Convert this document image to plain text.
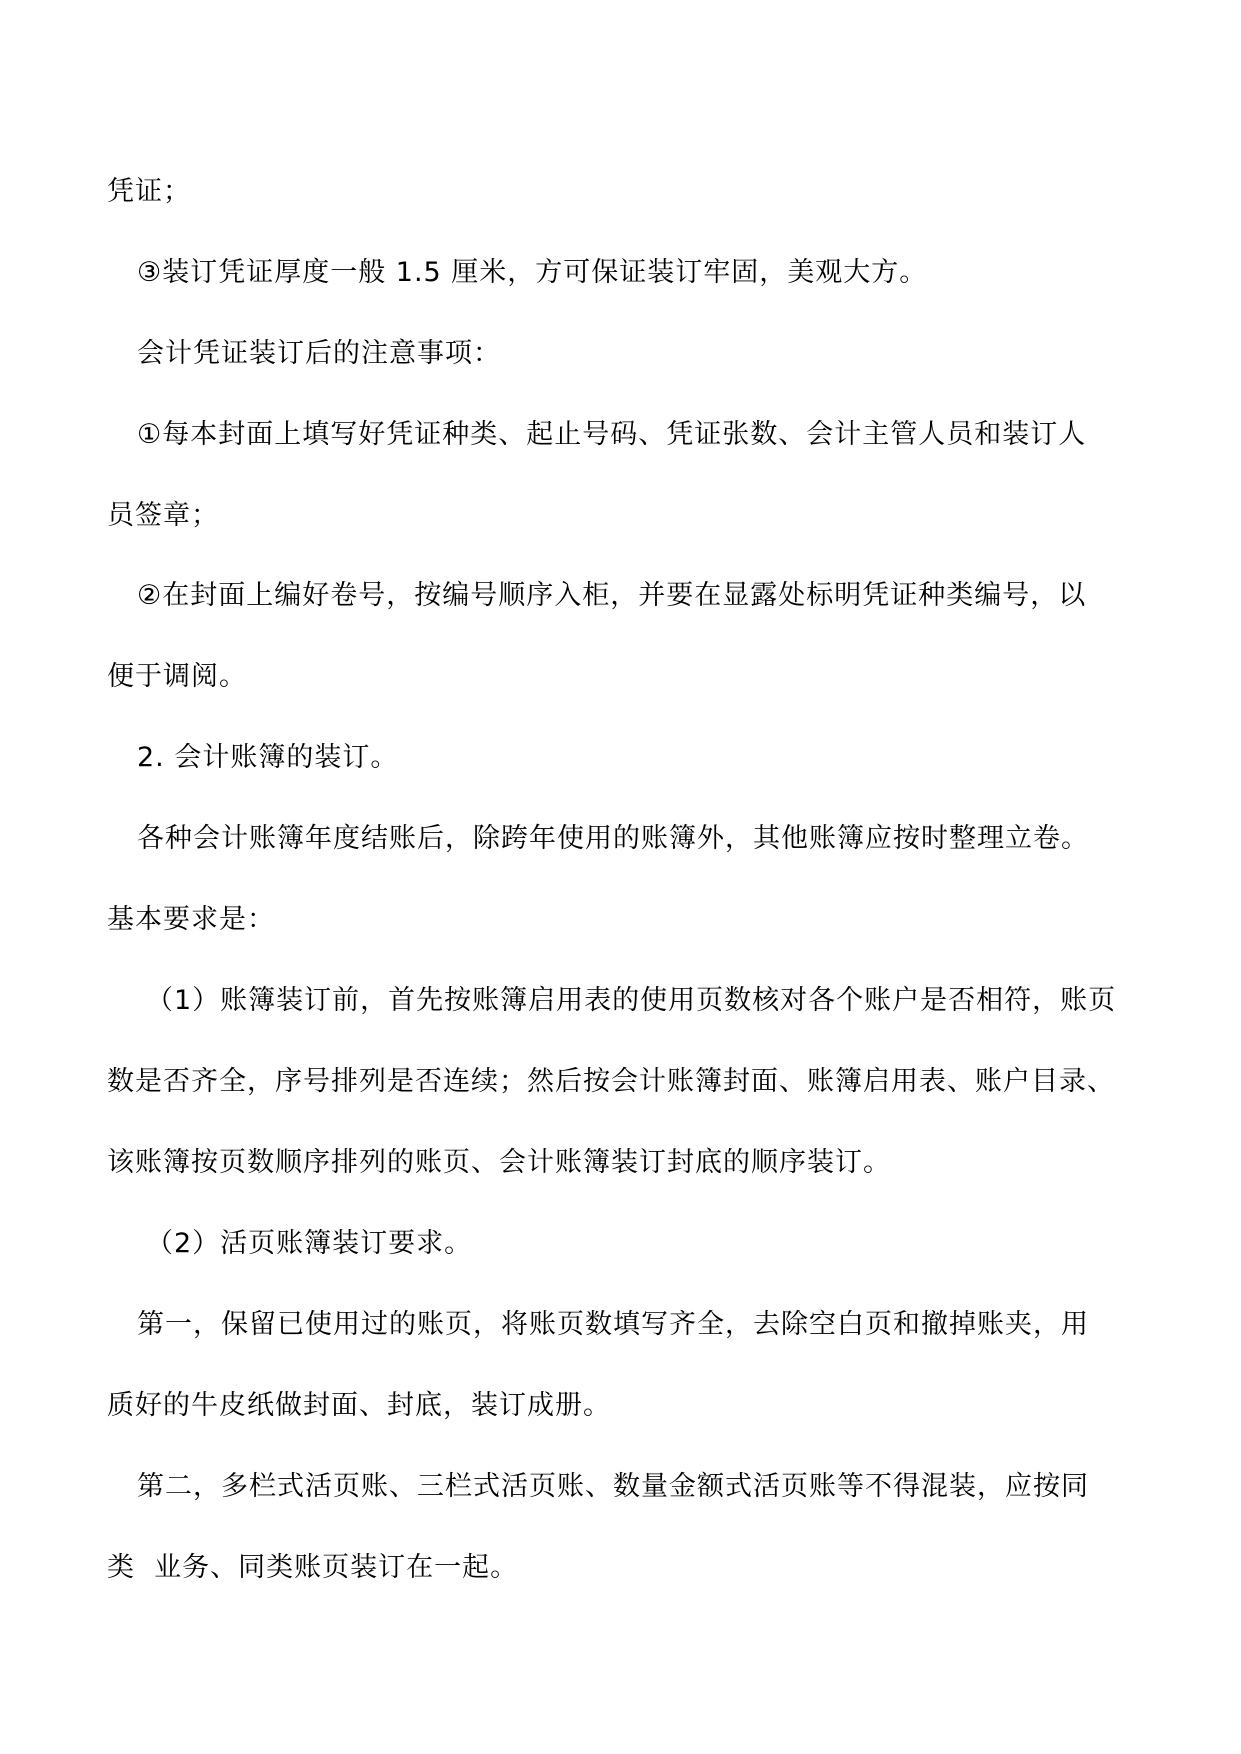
凭证；
③装订凭证厚度一般 1.5 厘米，方可保证装订牢固，美观大方。
会计凭证装订后的注意事项：
①每本封面上填写好凭证种类、起止号码、凭证张数、会计主管人员和装订人
员签章；
②在封面上编好卷号，按编号顺序入柜，并要在显露处标明凭证种类编号，以
便于调阅。
2. 会计账簿的装订。
各种会计账簿年度结账后，除跨年使用的账簿外，其他账簿应按时整理立卷。
基本要求是：
（1）账簿装订前，首先按账簿启用表的使用页数核对各个账户是否相符，账页
数是否齐全，序号排列是否连续；然后按会计账簿封面、账簿启用表、账户目录、
该账簿按页数顺序排列的账页、会计账簿装订封底的顺序装订。
（2）活页账簿装订要求。
第一，保留已使用过的账页，将账页数填写齐全，去除空白页和撤掉账夹，用
质好的牛皮纸做封面、封底，装订成册。
第二，多栏式活页账、三栏式活页账、数量金额式活页账等不得混装，应按同
类  业务、同类账页装订在一起。
